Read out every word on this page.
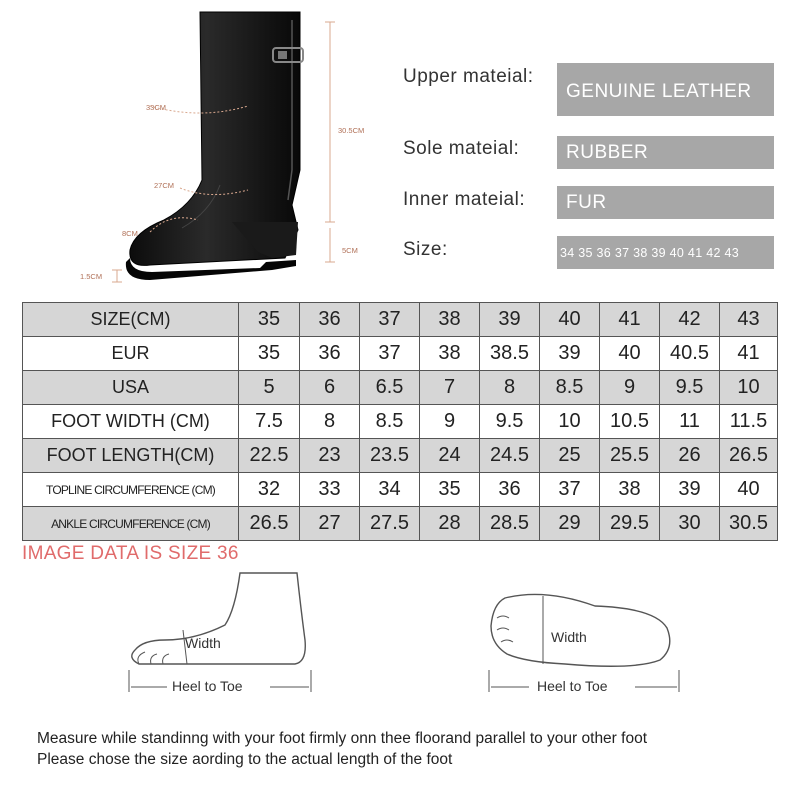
33CM
27CM
8CM
1.5CM
30.5CM
5CM
Upper mateial:
GENUINE LEATHER
Sole mateial:	RUBBER
Inner mateial:	FUR
Size:	34 35 36 37 38 39 40 41 42 43
SIZE(CM)	35	36	37	38	39	40	41	42	43
EUR	35	36	37	38	38.5	39	40	40.5	41
USA	5	6	6.5	7	8	8.5	9	9.5	10
FOOT WIDTH (CM)	7.5	8	8.5	9	9.5	10	10.5	11	11.5
FOOT LENGTH(CM)	22.5	23	23.5	24	24.5	25	25.5	26	26.5
TOPLINE CIRCUMFERENCE (CM)	32	33	34	35	36	37	38	39	40
ANKLE CIRCUMFERENCE (CM)	26.5	27	27.5	28	28.5	29	29.5	30	30.5
IMAGE DATA IS SIZE 36
Width
Heel to Toe
Width
Heel to Toe
Measure while standinng with your foot firmly onn thee floorand parallel to your other foot
Please chose the size aording to the actual length of the foot
